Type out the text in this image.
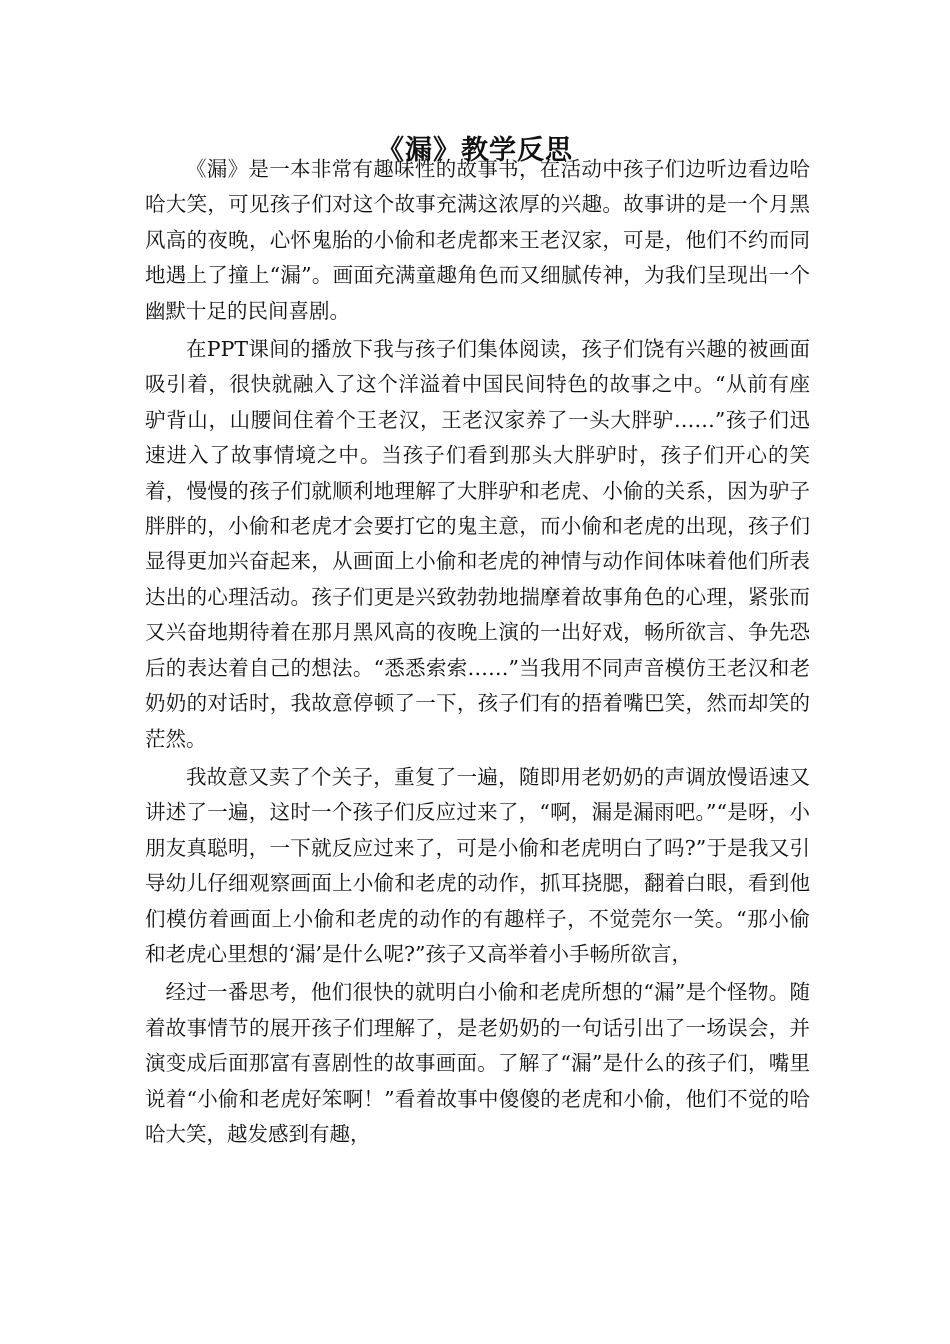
《漏》教学反思

《漏》是一本非常有趣味性的故事书，在活动中孩子们边听边看边哈哈大笑，可见孩子们对这个故事充满这浓厚的兴趣。故事讲的是一个月黑风高的夜晚，心怀鬼胎的小偷和老虎都来王老汉家，可是，他们不约而同地遇上了撞上“漏”。画面充满童趣角色而又细腻传神，为我们呈现出一个幽默十足的民间喜剧。

在PPT课间的播放下我与孩子们集体阅读，孩子们饶有兴趣的被画面吸引着，很快就融入了这个洋溢着中国民间特色的故事之中。“从前有座驴背山，山腰间住着个王老汉，王老汉家养了一头大胖驴……”孩子们迅速进入了故事情境之中。当孩子们看到那头大胖驴时，孩子们开心的笑着，慢慢的孩子们就顺利地理解了大胖驴和老虎、小偷的关系，因为驴子胖胖的，小偷和老虎才会要打它的鬼主意，而小偷和老虎的出现，孩子们显得更加兴奋起来，从画面上小偷和老虎的神情与动作间体味着他们所表达出的心理活动。孩子们更是兴致勃勃地揣摩着故事角色的心理，紧张而又兴奋地期待着在那月黑风高的夜晚上演的一出好戏，畅所欲言、争先恐后的表达着自己的想法。“悉悉索索……”当我用不同声音模仿王老汉和老奶奶的对话时，我故意停顿了一下，孩子们有的捂着嘴巴笑，然而却笑的茫然。

我故意又卖了个关子，重复了一遍，随即用老奶奶的声调放慢语速又讲述了一遍，这时一个孩子们反应过来了，“啊，漏是漏雨吧。”“是呀，小朋友真聪明，一下就反应过来了，可是小偷和老虎明白了吗?”于是我又引导幼儿仔细观察画面上小偷和老虎的动作，抓耳挠腮，翻着白眼，看到他们模仿着画面上小偷和老虎的动作的有趣样子，不觉莞尔一笑。“那小偷和老虎心里想的‘漏’是什么呢?”孩子又高举着小手畅所欲言，

经过一番思考，他们很快的就明白小偷和老虎所想的“漏”是个怪物。随着故事情节的展开孩子们理解了，是老奶奶的一句话引出了一场误会，并演变成后面那富有喜剧性的故事画面。了解了“漏”是什么的孩子们，嘴里说着“小偷和老虎好笨啊！”看着故事中傻傻的老虎和小偷，他们不觉的哈哈大笑，越发感到有趣，
